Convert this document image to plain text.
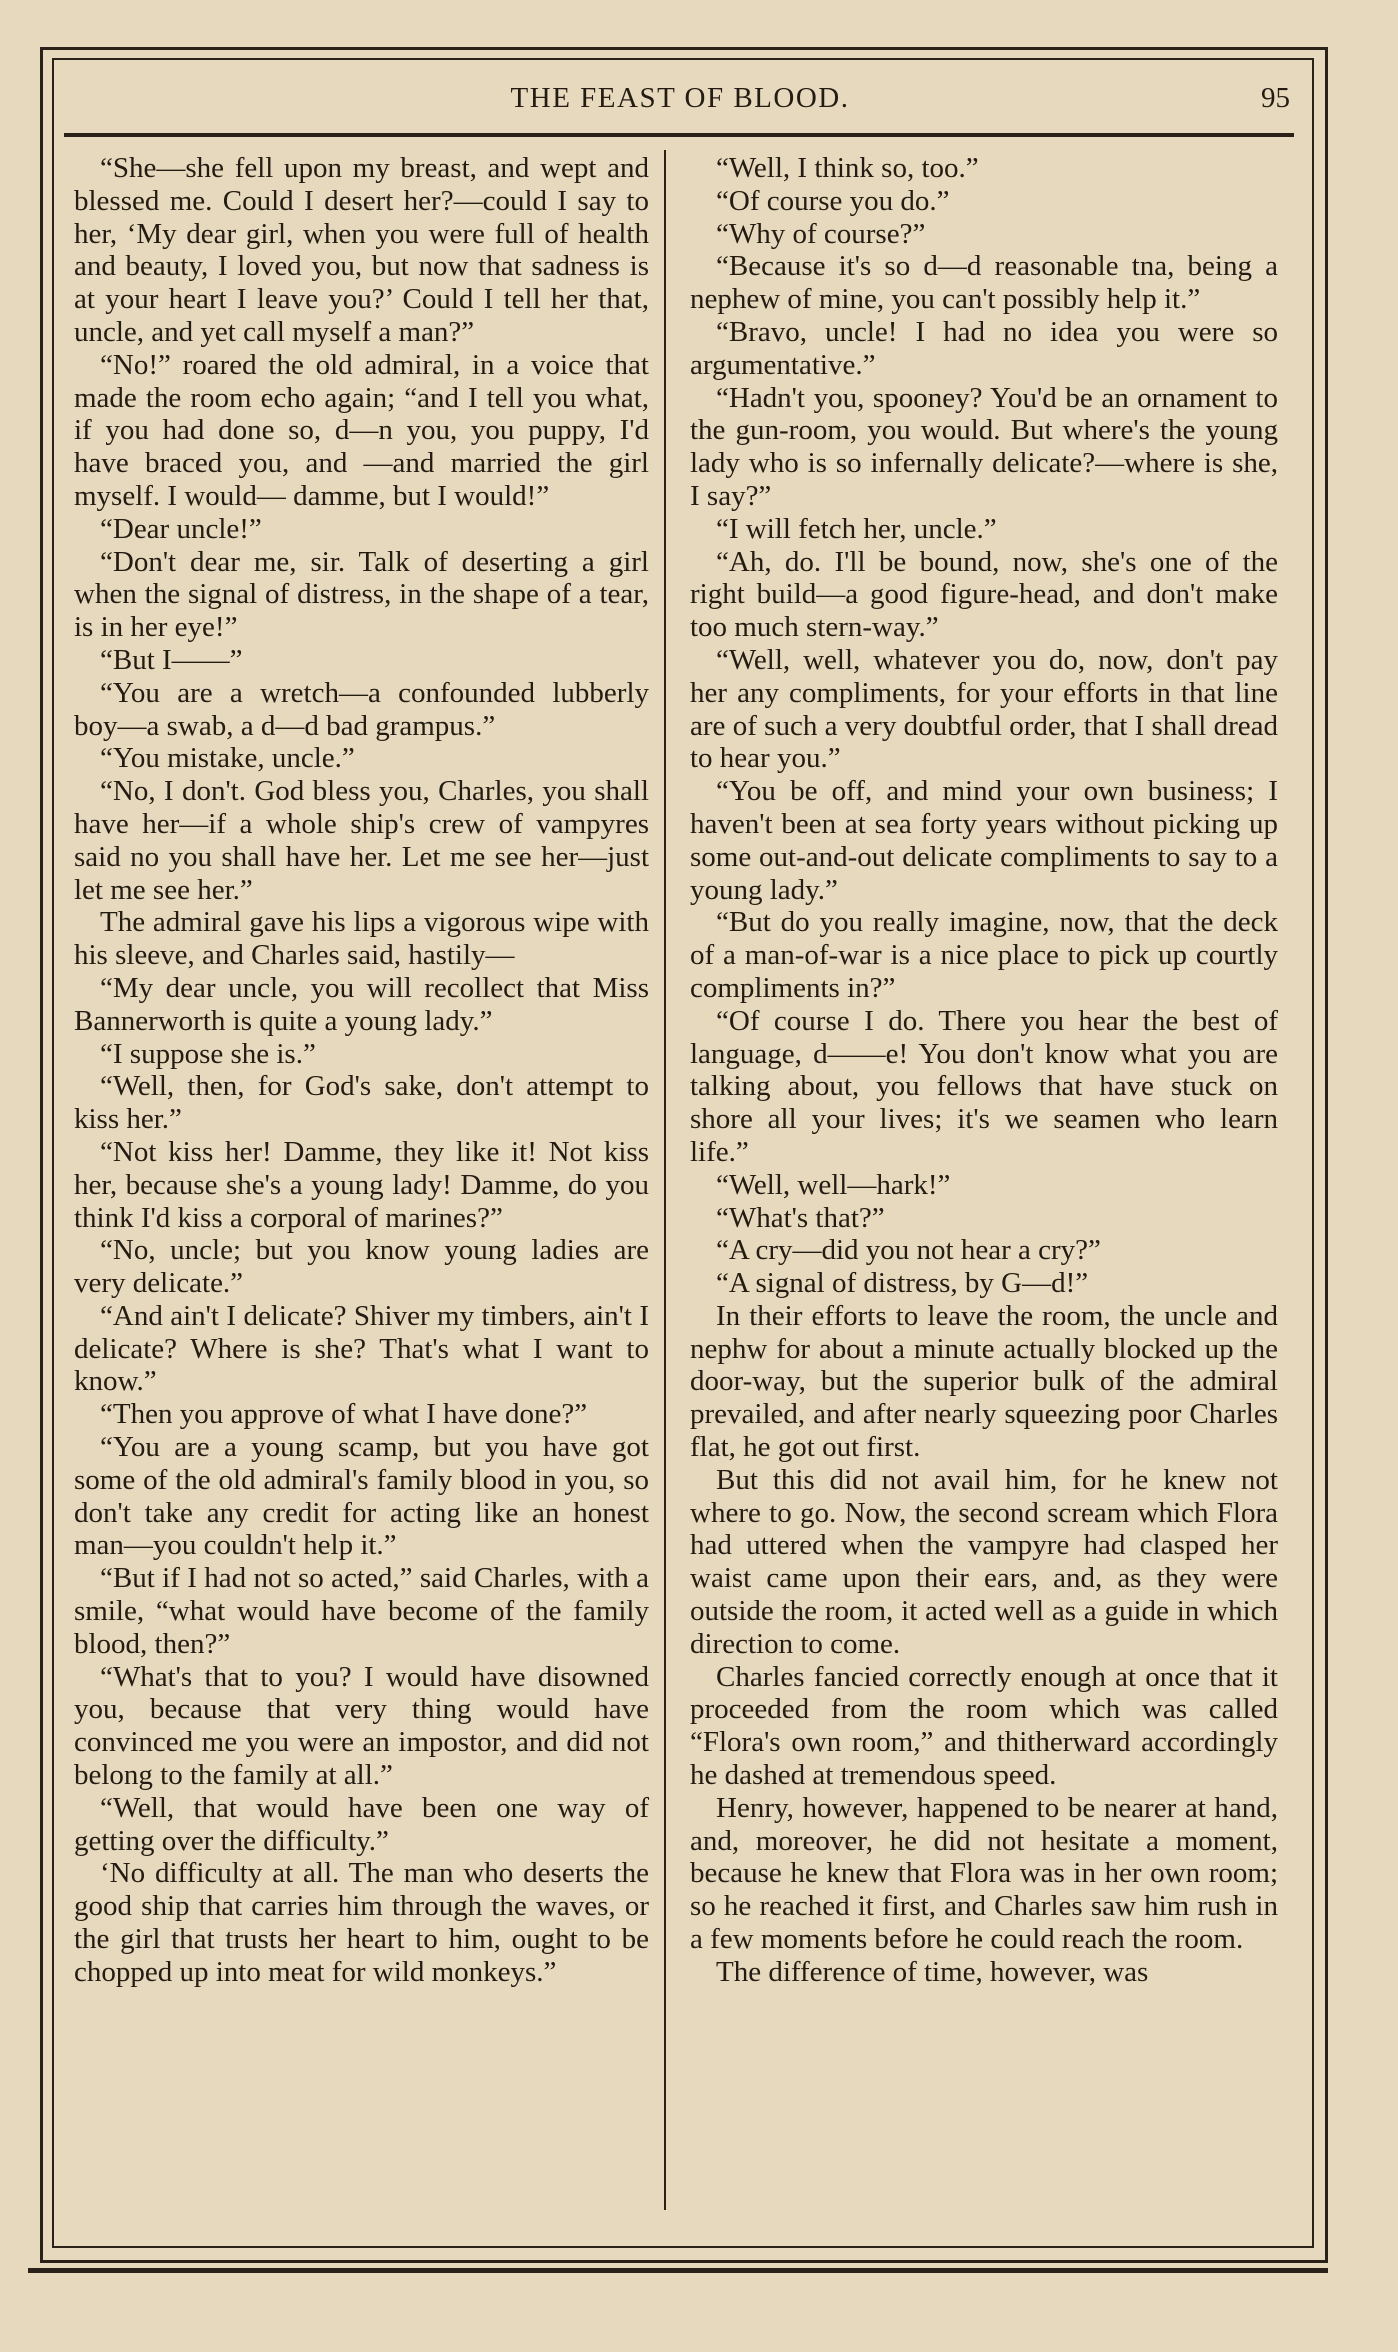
THE FEAST OF BLOOD.	95

“She—she fell upon my breast, and wept and blessed me. Could I desert her?—could I say to her, ‘My dear girl, when you were full of health and beauty, I loved you, but now that sadness is at your heart I leave you?’ Could I tell her that, uncle, and yet call myself a man?”

“No!” roared the old admiral, in a voice that made the room echo again; “and I tell you what, if you had done so, d—n you, you puppy, I'd have braced you, and —and married the girl myself. I would— damme, but I would!”

“Dear uncle!”

“Don't dear me, sir. Talk of deserting a girl when the signal of distress, in the shape of a tear, is in her eye!”

“But I——”

“You are a wretch—a confounded lubberly boy—a swab, a d—d bad grampus.”

“You mistake, uncle.”

“No, I don't. God bless you, Charles, you shall have her—if a whole ship's crew of vampyres said no you shall have her. Let me see her—just let me see her.”

The admiral gave his lips a vigorous wipe with his sleeve, and Charles said, hastily—

“My dear uncle, you will recollect that Miss Bannerworth is quite a young lady.”

“I suppose she is.”

“Well, then, for God's sake, don't attempt to kiss her.”

“Not kiss her! Damme, they like it! Not kiss her, because she's a young lady! Damme, do you think I'd kiss a corporal of marines?”

“No, uncle; but you know young ladies are very delicate.”

“And ain't I delicate? Shiver my timbers, ain't I delicate? Where is she? That's what I want to know.”

“Then you approve of what I have done?”

“You are a young scamp, but you have got some of the old admiral's family blood in you, so don't take any credit for acting like an honest man—you couldn't help it.”

“But if I had not so acted,” said Charles, with a smile, “what would have become of the family blood, then?”

“What's that to you? I would have disowned you, because that very thing would have convinced me you were an impostor, and did not belong to the family at all.”

“Well, that would have been one way of getting over the difficulty.”

‘No difficulty at all. The man who deserts the good ship that carries him through the waves, or the girl that trusts her heart to him, ought to be chopped up into meat for wild monkeys.”

“Well, I think so, too.”

“Of course you do.”

“Why of course?”

“Because it's so d—d reasonable tna, being a nephew of mine, you can't possibly help it.”

“Bravo, uncle! I had no idea you were so argumentative.”

“Hadn't you, spooney? You'd be an ornament to the gun-room, you would. But where's the young lady who is so infernally delicate?—where is she, I say?”

“I will fetch her, uncle.”

“Ah, do. I'll be bound, now, she's one of the right build—a good figure-head, and don't make too much stern-way.”

“Well, well, whatever you do, now, don't pay her any compliments, for your efforts in that line are of such a very doubtful order, that I shall dread to hear you.”

“You be off, and mind your own business; I haven't been at sea forty years without picking up some out-and-out delicate compliments to say to a young lady.”

“But do you really imagine, now, that the deck of a man-of-war is a nice place to pick up courtly compliments in?”

“Of course I do. There you hear the best of language, d——e! You don't know what you are talking about, you fellows that have stuck on shore all your lives; it's we seamen who learn life.”

“Well, well—hark!”

“What's that?”

“A cry—did you not hear a cry?”

“A signal of distress, by G—d!”

In their efforts to leave the room, the uncle and nephw for about a minute actually blocked up the door-way, but the superior bulk of the admiral prevailed, and after nearly squeezing poor Charles flat, he got out first.

But this did not avail him, for he knew not where to go. Now, the second scream which Flora had uttered when the vampyre had clasped her waist came upon their ears, and, as they were outside the room, it acted well as a guide in which direction to come.

Charles fancied correctly enough at once that it proceeded from the room which was called “Flora's own room,” and thitherward accordingly he dashed at tremendous speed.

Henry, however, happened to be nearer at hand, and, moreover, he did not hesitate a moment, because he knew that Flora was in her own room; so he reached it first, and Charles saw him rush in a few moments before he could reach the room.

The difference of time, however, was
